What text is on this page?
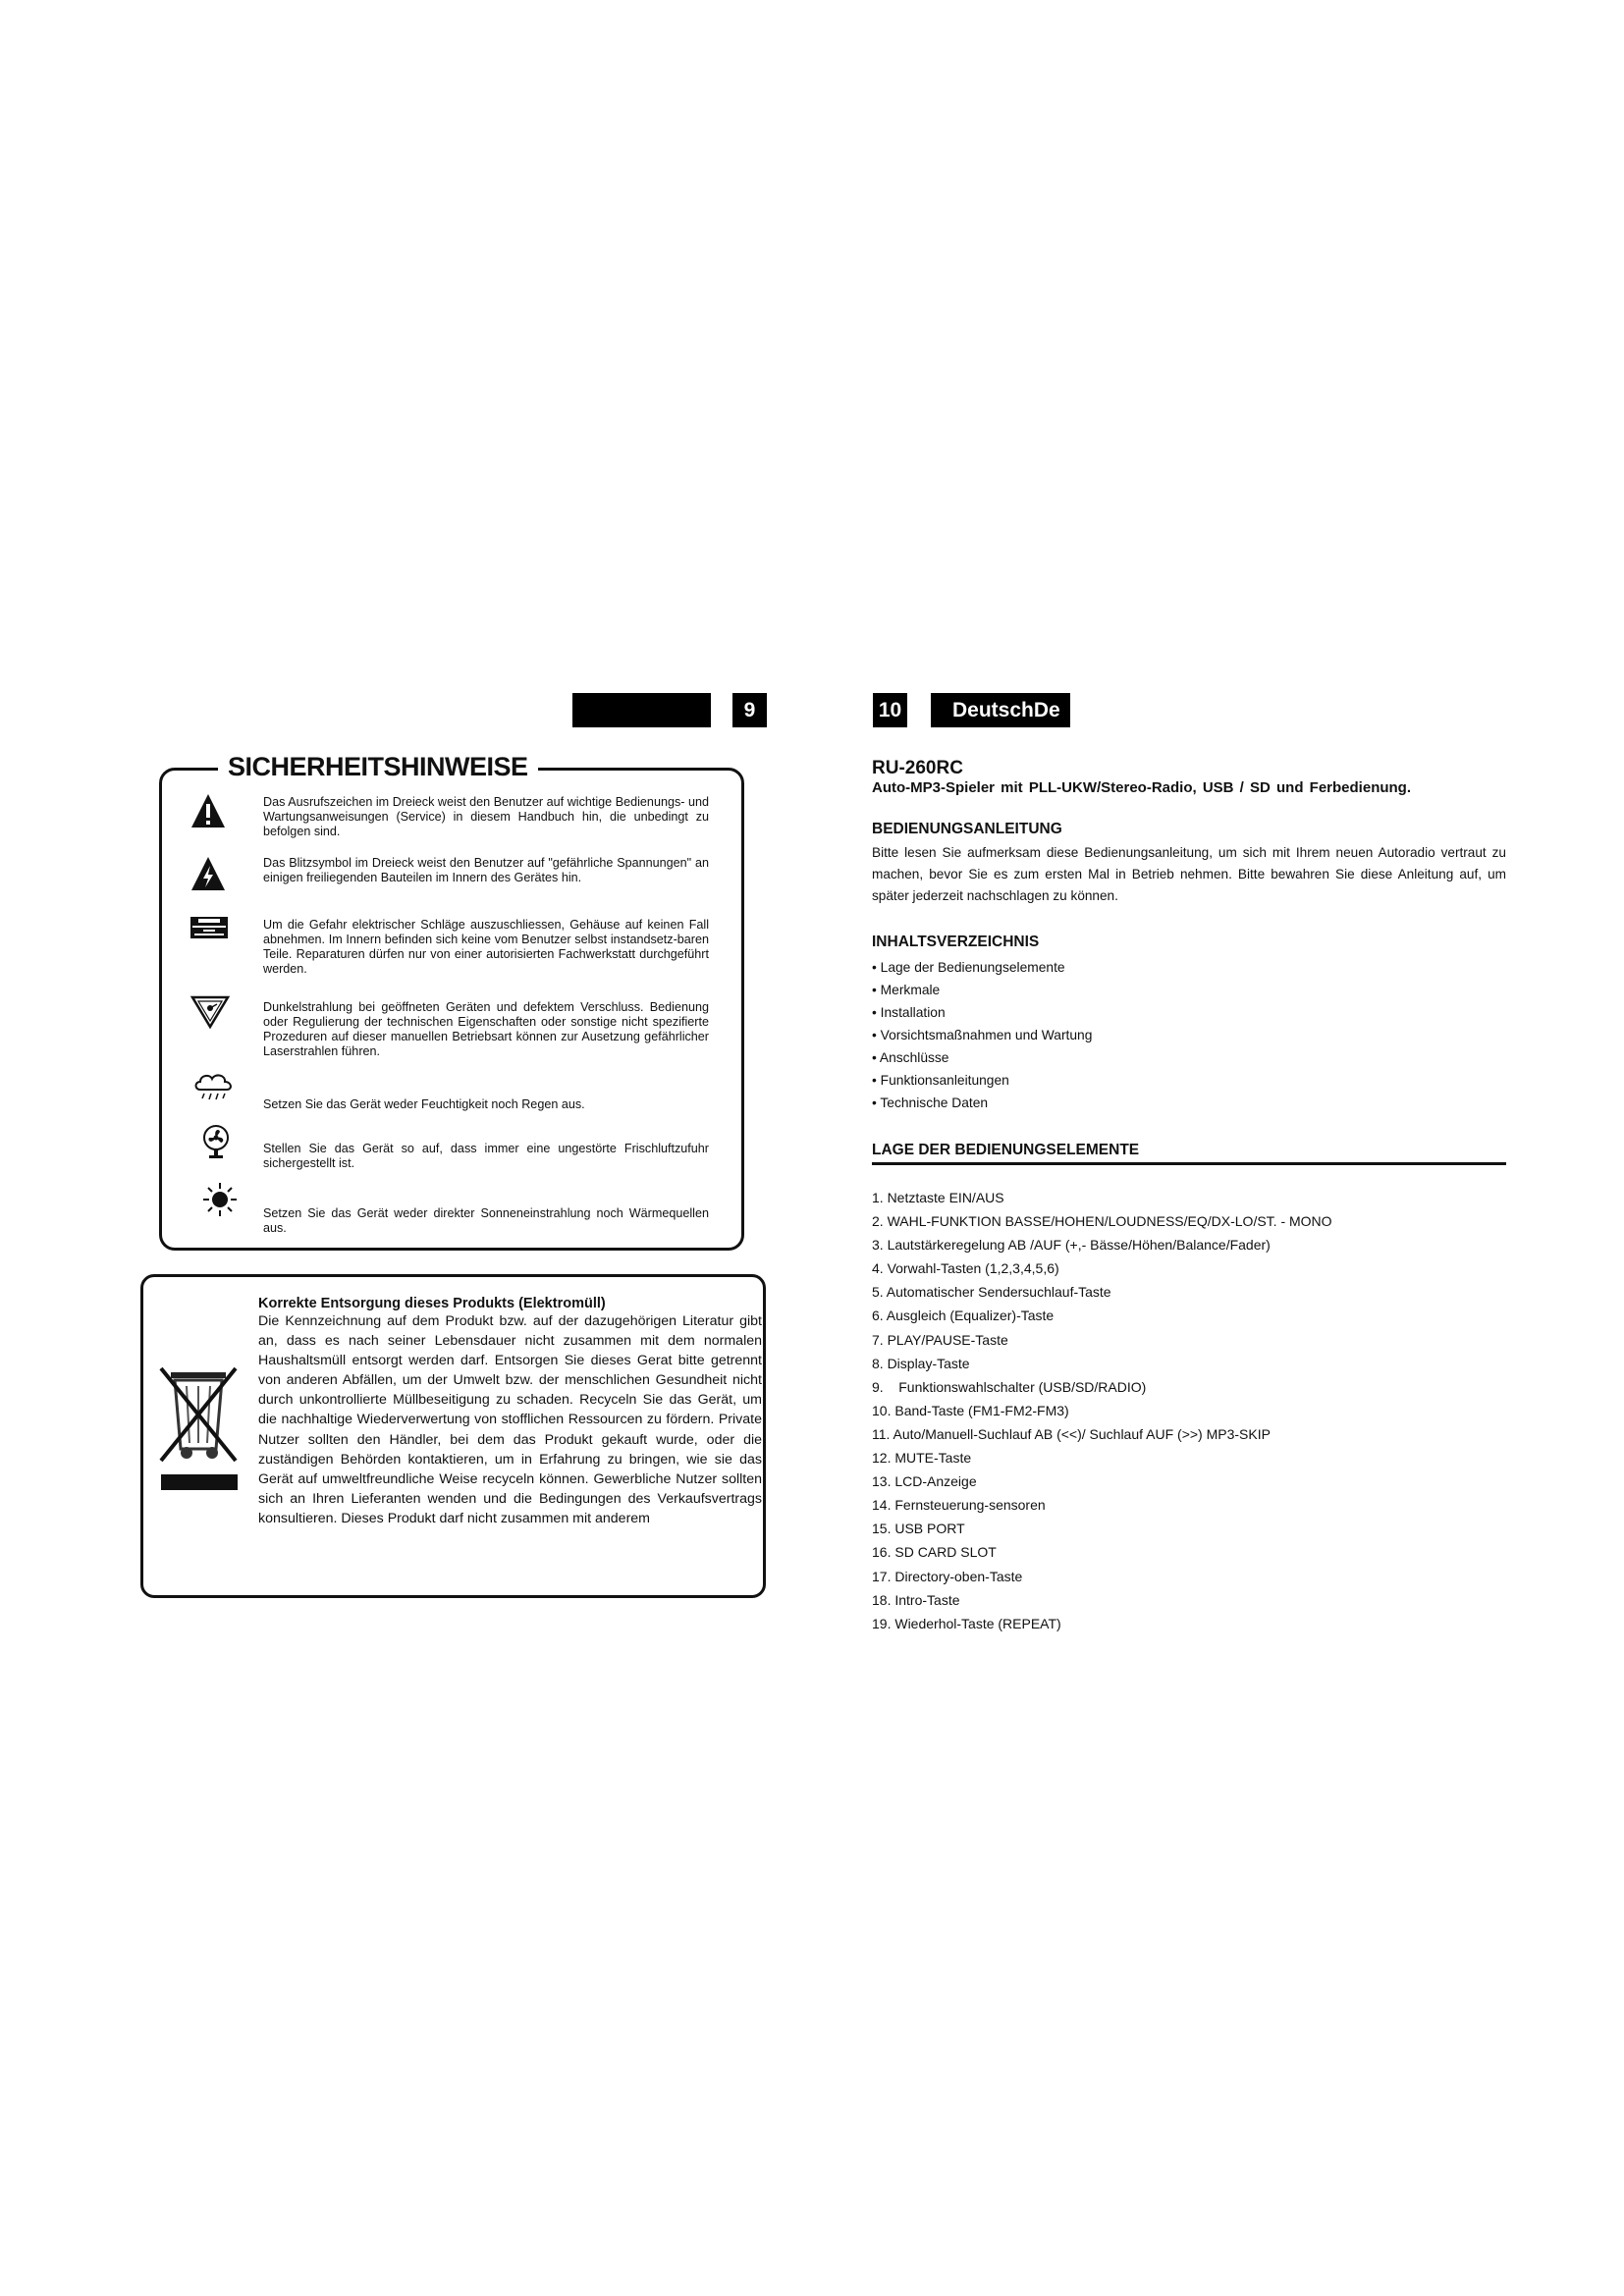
9	10	DeutschDe
SICHERHEITSHINWEISE
Das Ausrufszeichen im Dreieck weist den Benutzer auf wichtige Bedienungs- und Wartungsanweisungen (Service) in diesem Handbuch hin, die unbedingt zu befolgen sind.
Das Blitzsymbol im Dreieck weist den Benutzer auf "gefährliche Spannungen" an einigen freiliegenden Bauteilen im Innern des Gerätes hin.
Um die Gefahr elektrischer Schläge auszuschliessen, Gehäuse auf keinen Fall abnehmen. Im Innern befinden sich keine vom Benutzer selbst instandsetz-baren Teile. Reparaturen dürfen nur von einer autorisierten Fachwerkstatt durchgeführt werden.
Dunkelstrahlung bei geöffneten Geräten und defektem Verschluss. Bedienung oder Regulierung der technischen Eigenschaften oder sonstige nicht spezifierte Prozeduren auf dieser manuellen Betriebsart können zur Ausetzung gefährlicher Laserstrahlen führen.
Setzen Sie das Gerät weder Feuchtigkeit noch Regen aus.
Stellen Sie das Gerät so auf, dass immer eine ungestörte Frischluftzufuhr sichergestellt ist.
Setzen Sie das Gerät weder direkter Sonneneinstrahlung noch Wärmequellen aus.
Korrekte Entsorgung dieses Produkts (Elektromüll)
Die Kennzeichnung auf dem Produkt bzw. auf der dazugehörigen Literatur gibt an, dass es nach seiner Lebensdauer nicht zusammen mit dem normalen Haushaltsmüll entsorgt werden darf. Entsorgen Sie dieses Gerat bitte getrennt von anderen Abfällen, um der Umwelt bzw. der menschlichen Gesundheit nicht durch unkontrollierte Müllbeseitigung zu schaden. Recyceln Sie das Gerät, um die nachhaltige Wiederverwertung von stofflichen Ressourcen zu fördern. Private Nutzer sollten den Händler, bei dem das Produkt gekauft wurde, oder die zuständigen Behörden kontaktieren, um in Erfahrung zu bringen, wie sie das Gerät auf umweltfreundliche Weise recyceln können. Gewerbliche Nutzer sollten sich an Ihren Lieferanten wenden und die Bedingungen des Verkaufsvertrags konsultieren. Dieses Produkt darf nicht zusammen mit anderem
RU-260RC
Auto-MP3-Spieler mit PLL-UKW/Stereo-Radio, USB / SD und Ferbedienung.
BEDIENUNGSANLEITUNG
Bitte lesen Sie aufmerksam diese Bedienungsanleitung, um sich mit Ihrem neuen Autoradio vertraut zu machen, bevor Sie es zum ersten Mal in Betrieb nehmen. Bitte bewahren Sie diese Anleitung auf, um später jederzeit nachschlagen zu können.
INHALTSVERZEICHNIS
• Lage der Bedienungselemente
• Merkmale
• Installation
• Vorsichtsmaßnahmen und Wartung
• Anschlüsse
• Funktionsanleitungen
• Technische Daten
LAGE DER BEDIENUNGSELEMENTE
1. Netztaste EIN/AUS
2. WAHL-FUNKTION BASSE/HOHEN/LOUDNESS/EQ/DX-LO/ST. - MONO
3. Lautstärkeregelung AB /AUF (+,- Bässe/Höhen/Balance/Fader)
4. Vorwahl-Tasten (1,2,3,4,5,6)
5. Automatischer Sendersuchlauf-Taste
6. Ausgleich (Equalizer)-Taste
7. PLAY/PAUSE-Taste
8. Display-Taste
9.    Funktionswahlschalter (USB/SD/RADIO)
10. Band-Taste (FM1-FM2-FM3)
11. Auto/Manuell-Suchlauf AB (<<)/ Suchlauf AUF (>>) MP3-SKIP
12. MUTE-Taste
13. LCD-Anzeige
14. Fernsteuerung-sensoren
15. USB PORT
16. SD CARD SLOT
17. Directory-oben-Taste
18. Intro-Taste
19. Wiederhol-Taste (REPEAT)
